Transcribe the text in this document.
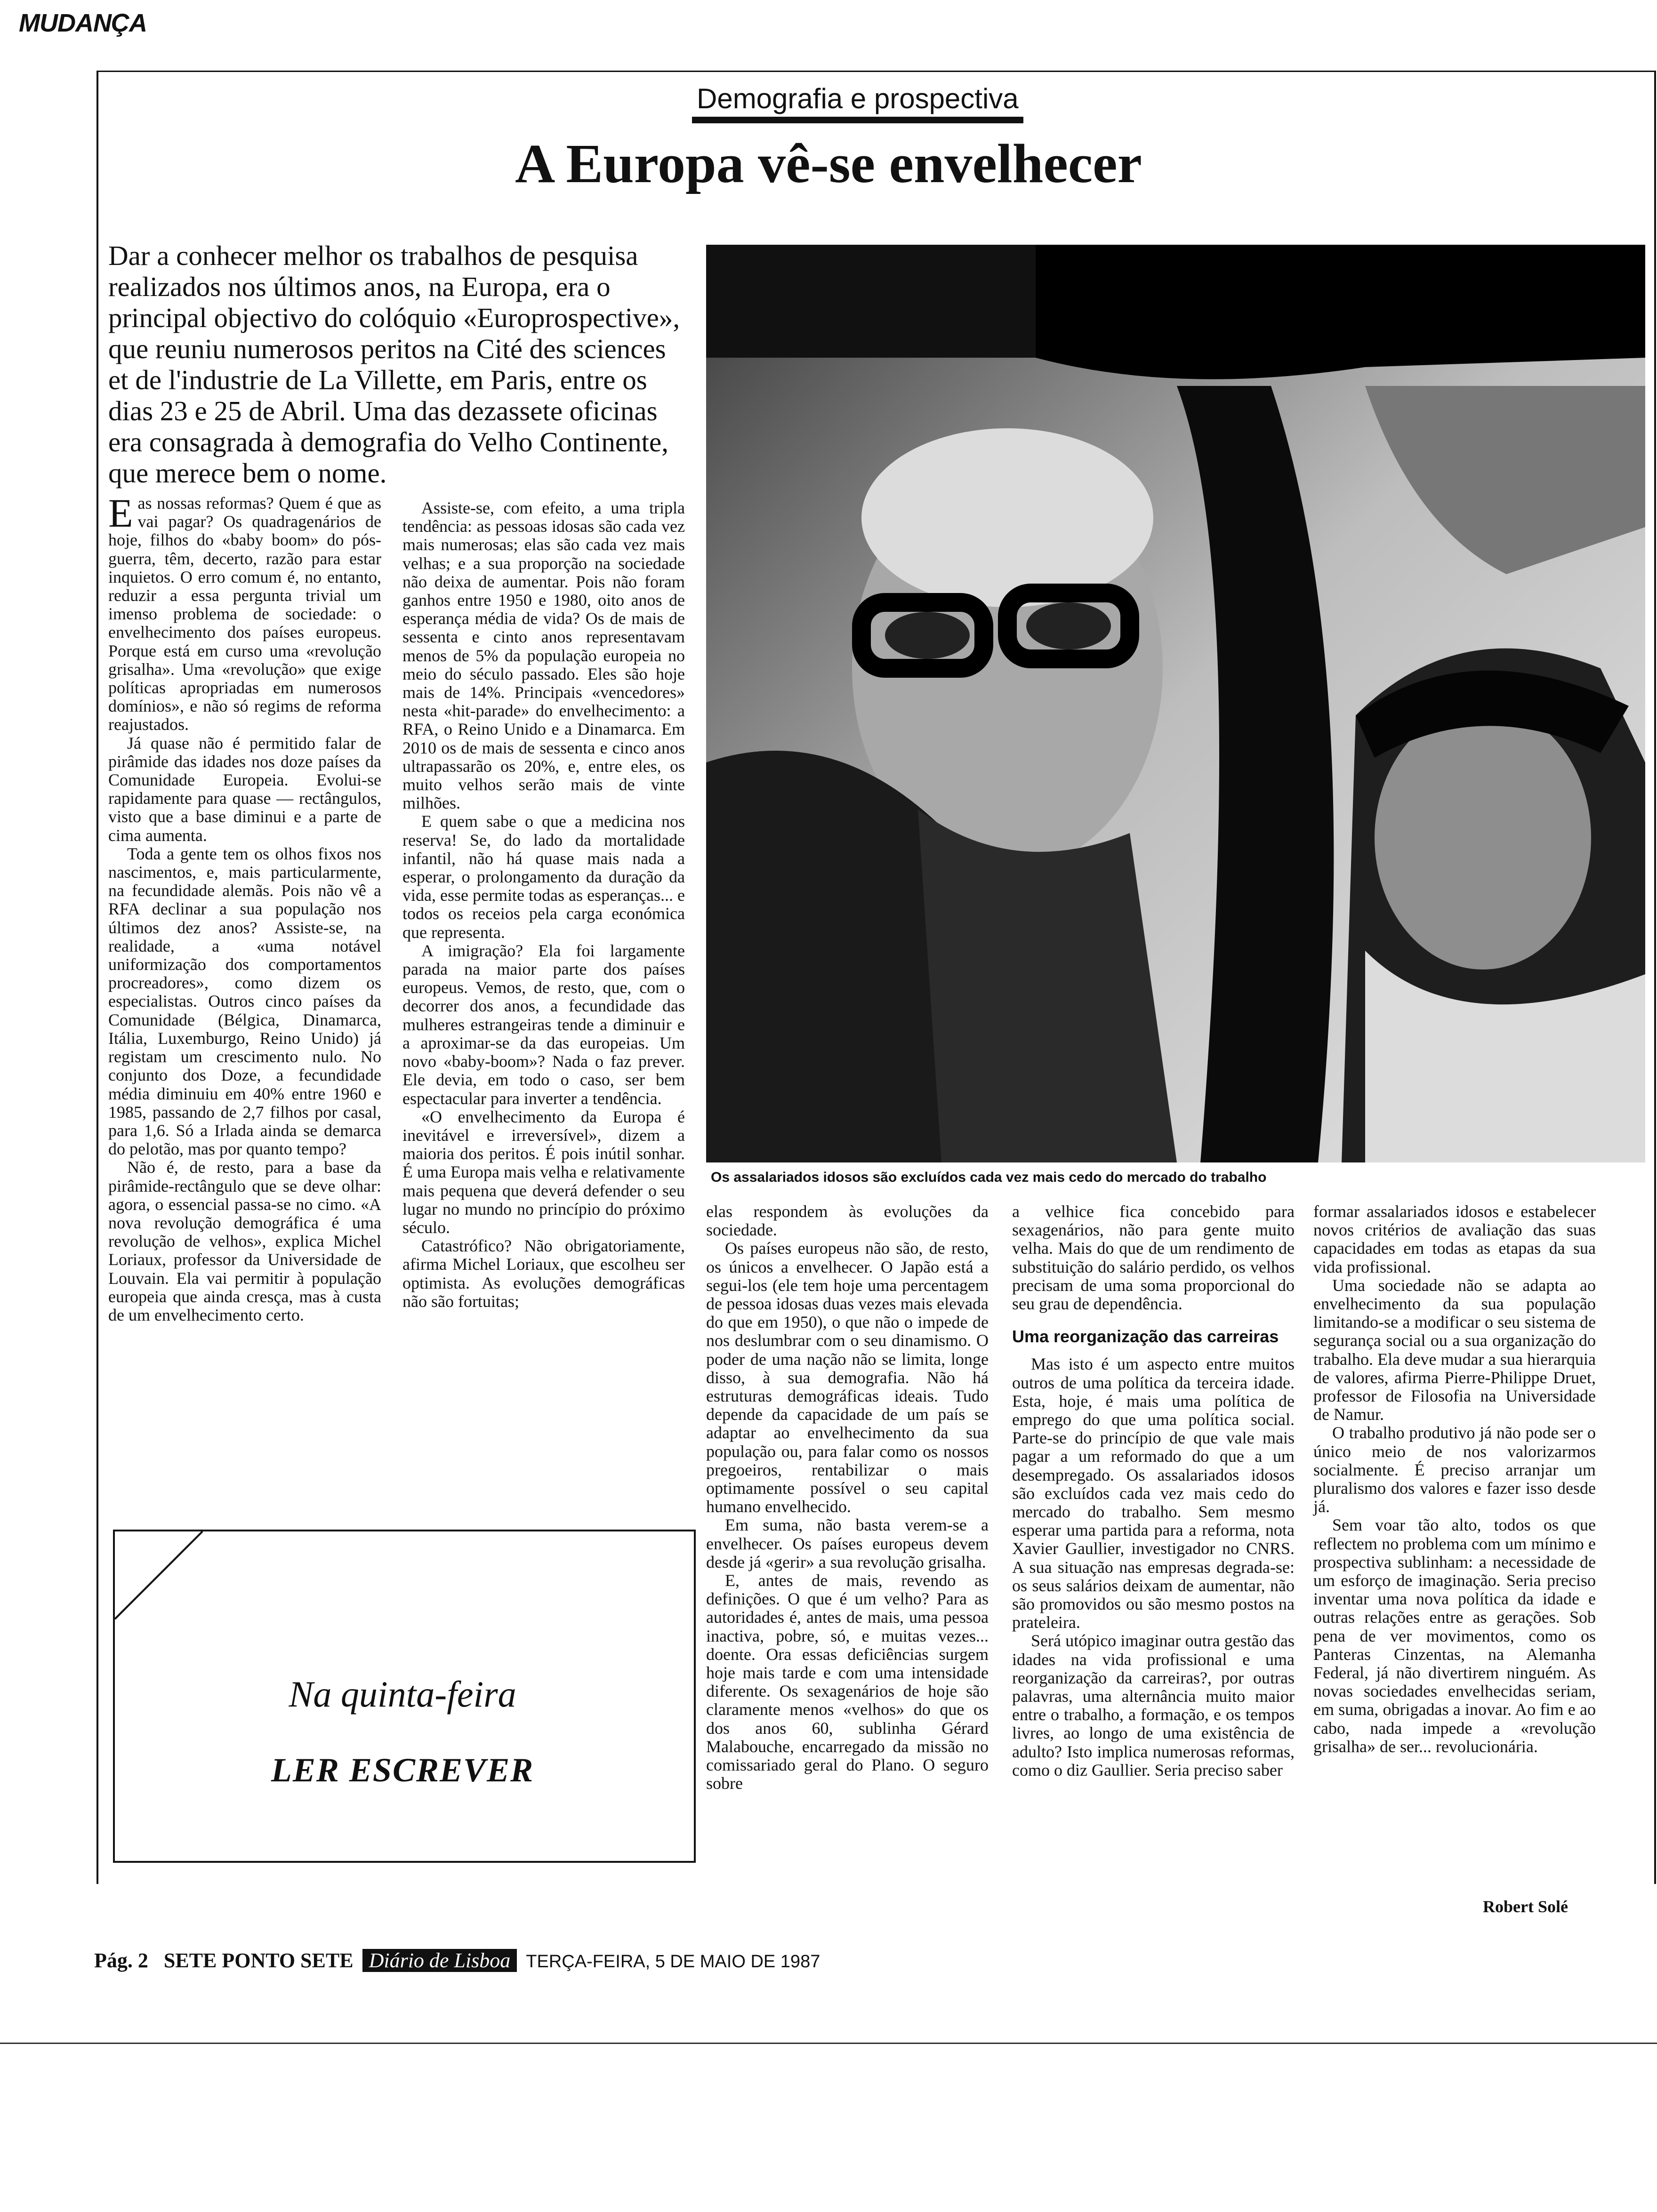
MUDANÇA
Demografia e prospectiva
A Europa vê-se envelhecer
Dar a conhecer melhor os trabalhos de pesquisa realizados nos últimos anos, na Europa, era o principal objectivo do colóquio «Europrospective», que reuniu numerosos peritos na Cité des sciences et de l'industrie de La Villette, em Paris, entre os dias 23 e 25 de Abril. Uma das dezassete oficinas era consagrada à demografia do Velho Continente, que merece bem o nome.
Os assalariados idosos são excluídos cada vez mais cedo do mercado do trabalho

Eas nossas reformas? Quem é que as vai pagar? Os quadragenários de hoje, filhos do «baby boom» do pós-guerra, têm, decerto, razão para estar inquietos. O erro comum é, no entanto, reduzir a essa pergunta trivial um imenso problema de sociedade: o envelhecimento dos países europeus. Porque está em curso uma «revolução grisalha». Uma «revolução» que exige políticas apropriadas em numerosos domínios», e não só regims de reforma reajustados.

Já quase não é permitido falar de pirâmide das idades nos doze países da Comunidade Europeia. Evolui-se rapidamente para quase — rectângulos, visto que a base diminui e a parte de cima aumenta.

Toda a gente tem os olhos fixos nos nascimentos, e, mais particularmente, na fecundidade alemãs. Pois não vê a RFA declinar a sua população nos últimos dez anos? Assiste-se, na realidade, a «uma notável uniformização dos comportamentos procreadores», como dizem os especialistas. Outros cinco países da Comunidade (Bélgica, Dinamarca, Itália, Luxemburgo, Reino Unido) já registam um crescimento nulo. No conjunto dos Doze, a fecundidade média diminuiu em 40% entre 1960 e 1985, passando de 2,7 filhos por casal, para 1,6. Só a Irlada ainda se demarca do pelotão, mas por quanto tempo?

Não é, de resto, para a base da pirâmide-rectângulo que se deve olhar: agora, o essencial passa-se no cimo. «A nova revolução demográfica é uma revolução de velhos», explica Michel Loriaux, professor da Universidade de Louvain. Ela vai permitir à população europeia que ainda cresça, mas à custa de um envelhecimento certo.

Assiste-se, com efeito, a uma tripla tendência: as pessoas idosas são cada vez mais numerosas; elas são cada vez mais velhas; e a sua proporção na sociedade não deixa de aumentar. Pois não foram ganhos entre 1950 e 1980, oito anos de esperança média de vida? Os de mais de sessenta e cinto anos representavam menos de 5% da população europeia no meio do século passado. Eles são hoje mais de 14%. Principais «vencedores» nesta «hit-parade» do envelhecimento: a RFA, o Reino Unido e a Dinamarca. Em 2010 os de mais de sessenta e cinco anos ultrapassarão os 20%, e, entre eles, os muito velhos serão mais de vinte milhões.

E quem sabe o que a medicina nos reserva! Se, do lado da mortalidade infantil, não há quase mais nada a esperar, o prolongamento da duração da vida, esse permite todas as esperanças... e todos os receios pela carga económica que representa.

A imigração? Ela foi largamente parada na maior parte dos países europeus. Vemos, de resto, que, com o decorrer dos anos, a fecundidade das mulheres estrangeiras tende a diminuir e a aproximar-se da das europeias. Um novo «baby-boom»? Nada o faz prever. Ele devia, em todo o caso, ser bem espectacular para inverter a tendência.

«O envelhecimento da Europa é inevitável e irreversível», dizem a maioria dos peritos. É pois inútil sonhar. É uma Europa mais velha e relativamente mais pequena que deverá defender o seu lugar no mundo no princípio do próximo século.

Catastrófico? Não obrigatoriamente, afirma Michel Loriaux, que escolheu ser optimista. As evoluções demográficas não são fortuitas;

elas respondem às evoluções da sociedade.

Os países europeus não são, de resto, os únicos a envelhecer. O Japão está a segui-los (ele tem hoje uma percentagem de pessoa idosas duas vezes mais elevada do que em 1950), o que não o impede de nos deslumbrar com o seu dinamismo. O poder de uma nação não se limita, longe disso, à sua demografia. Não há estruturas demográficas ideais. Tudo depende da capacidade de um país se adaptar ao envelhecimento da sua população ou, para falar como os nossos pregoeiros, rentabilizar o mais optimamente possível o seu capital humano envelhecido.

Em suma, não basta verem-se a envelhecer. Os países europeus devem desde já «gerir» a sua revolução grisalha.

E, antes de mais, revendo as definições. O que é um velho? Para as autoridades é, antes de mais, uma pessoa inactiva, pobre, só, e muitas vezes... doente. Ora essas deficiências surgem hoje mais tarde e com uma intensidade diferente. Os sexagenários de hoje são claramente menos «velhos» do que os dos anos 60, sublinha Gérard Malabouche, encarregado da missão no comissariado geral do Plano. O seguro sobre

a velhice fica concebido para sexagenários, não para gente muito velha. Mais do que de um rendimento de substituição do salário perdido, os velhos precisam de uma soma proporcional do seu grau de dependência.

Uma reorganização das carreiras

Mas isto é um aspecto entre muitos outros de uma política da terceira idade. Esta, hoje, é mais uma política de emprego do que uma política social. Parte-se do princípio de que vale mais pagar a um reformado do que a um desempregado. Os assalariados idosos são excluídos cada vez mais cedo do mercado do trabalho. Sem mesmo esperar uma partida para a reforma, nota Xavier Gaullier, investigador no CNRS. A sua situação nas empresas degrada-se: os seus salários deixam de aumentar, não são promovidos ou são mesmo postos na prateleira.

Será utópico imaginar outra gestão das idades na vida profissional e uma reorganização da carreiras?, por outras palavras, uma alternância muito maior entre o trabalho, a formação, e os tempos livres, ao longo de uma existência de adulto? Isto implica numerosas reformas, como o diz Gaullier. Seria preciso saber

formar assalariados idosos e estabelecer novos critérios de avaliação das suas capacidades em todas as etapas da sua vida profissional.

Uma sociedade não se adapta ao envelhecimento da sua população limitando-se a modificar o seu sistema de segurança social ou a sua organização do trabalho. Ela deve mudar a sua hierarquia de valores, afirma Pierre-Philippe Druet, professor de Filosofia na Universidade de Namur.

O trabalho produtivo já não pode ser o único meio de nos valorizarmos socialmente. É preciso arranjar um pluralismo dos valores e fazer isso desde já.

Sem voar tão alto, todos os que reflectem no problema com um mínimo e prospectiva sublinham: a necessidade de um esforço de imaginação. Seria preciso inventar uma nova política da idade e outras relações entre as gerações. Sob pena de ver movimentos, como os Panteras Cinzentas, na Alemanha Federal, já não divertirem ninguém. As novas sociedades envelhecidas seriam, em suma, obrigadas a inovar. Ao fim e ao cabo, nada impede a «revolução grisalha» de ser... revolucionária.

Robert Solé
Na quinta-feira
LER ESCREVER
Pág. 2 SETE PONTO SETE Diário de Lisboa TERÇA-FEIRA, 5 DE MAIO DE 1987
